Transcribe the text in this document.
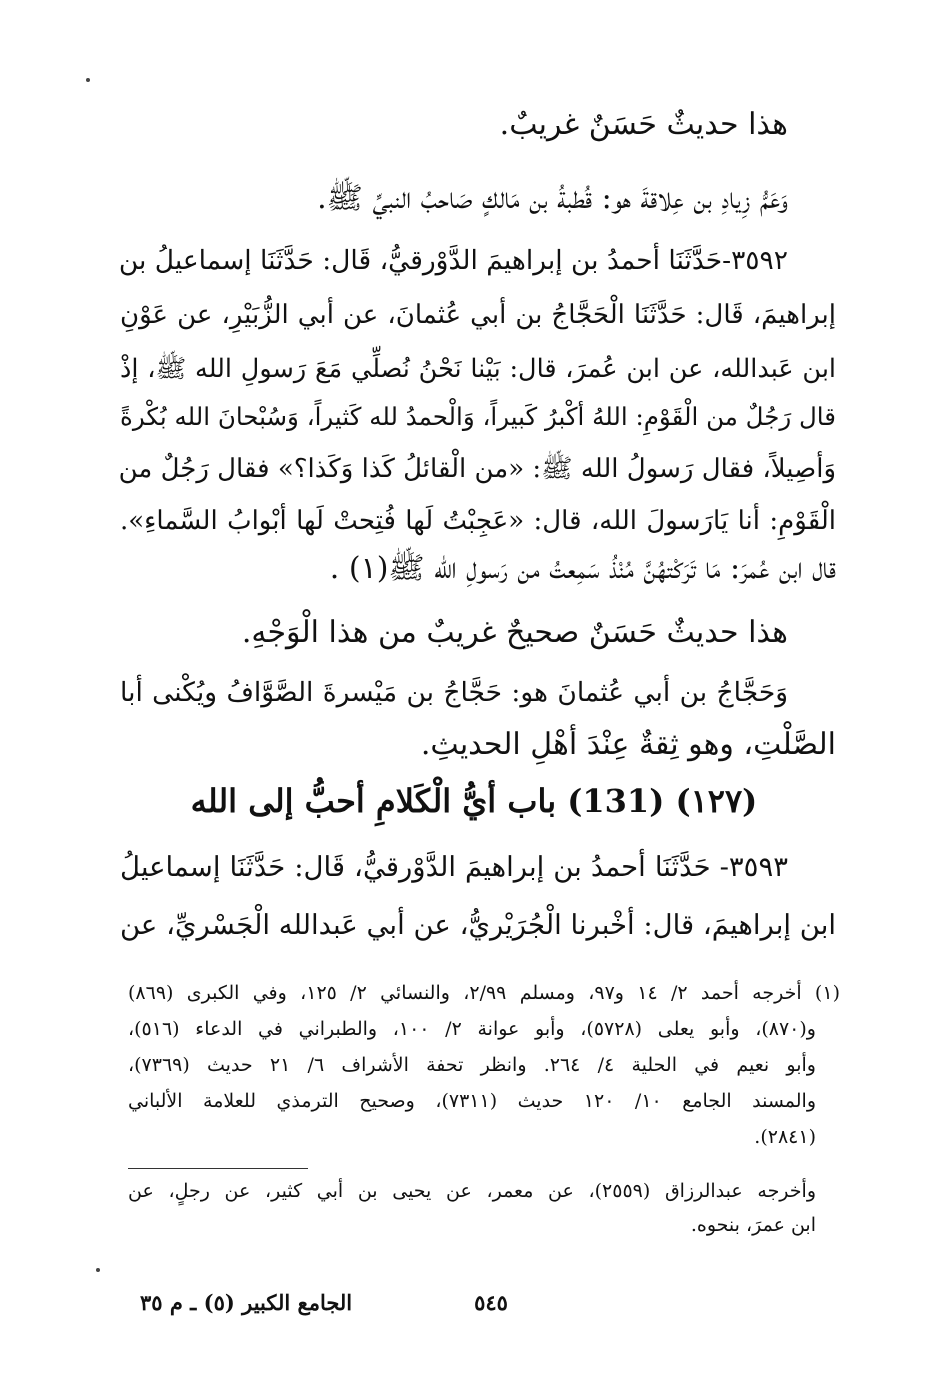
هذا حديثٌ حَسَنٌ غريبٌ.
وَعَمُّ زِيادِ بن عِلاقةَ هو: قُطبةُ بن مَالكٍ صَاحبُ النبيِّ ﷺ.
٣٥٩٢-حَدَّثَنَا أحمدُ بن إبراهيمَ الدَّوْرقيُّ، قَال: حَدَّثَنَا إسماعيلُ بن
إبراهيمَ، قَال: حَدَّثَنَا الْحَجَّاجُ بن أبي عُثمانَ، عن أبي الزُّبَيْرِ، عن عَوْنِ
ابن عَبدالله، عن ابن عُمرَ، قال: بَيْنا نَحْنُ نُصلِّي مَعَ رَسولِ الله ﷺ، إذْ
قال رَجُلٌ من الْقَوْمِ: اللهُ أكْبرُ كَبيراً، وَالْحمدُ لله كَثيراً، وَسُبْحانَ الله بُكْرةً
وَأصِيلاً، فقال رَسولُ الله ﷺ: «من الْقائلُ كَذا وَكَذا؟» فقال رَجُلٌ من
الْقَوْمِ: أنا يَارَسولَ الله، قال: «عَجِبْتُ لَها فُتِحتْ لَها أبْوابُ السَّماءِ».
قال ابن عُمرَ: مَا تَرَكْتهُنَّ مُنْذُ سَمِعتُ من رَسولِ الله ﷺ(١) .
هذا حديثٌ حَسَنٌ صحيحٌ غريبٌ من هذا الْوَجْهِ.
وَحَجَّاجُ بن أبي عُثمانَ هو: حَجَّاجُ بن مَيْسرةَ الصَّوَّافُ ويُكْنى أبا
الصَّلْتِ، وهو ثِقةٌ عِنْدَ أهْلِ الحديثِ.
(١٢٧) (131) باب أيُّ الْكَلامِ أحبُّ إلى الله
٣٥٩٣- حَدَّثَنَا أحمدُ بن إبراهيمَ الدَّوْرقيُّ، قَال: حَدَّثَنَا إسماعيلُ
ابن إبراهيمَ، قال: أخْبرنا الْجُرَيْريُّ، عن أبي عَبدالله الْجَسْريِّ، عن
(١) أخرجه أحمد ٢/ ١٤ و٩٧، ومسلم ٢/٩٩، والنسائي ٢/ ١٢٥، وفي الكبرى (٨٦٩)
و(٨٧٠)، وأبو يعلى (٥٧٢٨)، وأبو عوانة ٢/ ١٠٠، والطبراني في الدعاء (٥١٦)،
وأبو نعيم في الحلية ٤/ ٢٦٤. وانظر تحفة الأشراف ٦/ ٢١ حديث (٧٣٦٩)،
والمسند الجامع ١٠/ ١٢٠ حديث (٧٣١١)، وصحيح الترمذي للعلامة الألباني
(٢٨٤١).
وأخرجه عبدالرزاق (٢٥٥٩)، عن معمر، عن يحيى بن أبي كثير، عن رجلٍ، عن
ابن عمرَ، بنحوه.
٥٤٥
الجامع الكبير (٥) ـ م ٣٥
